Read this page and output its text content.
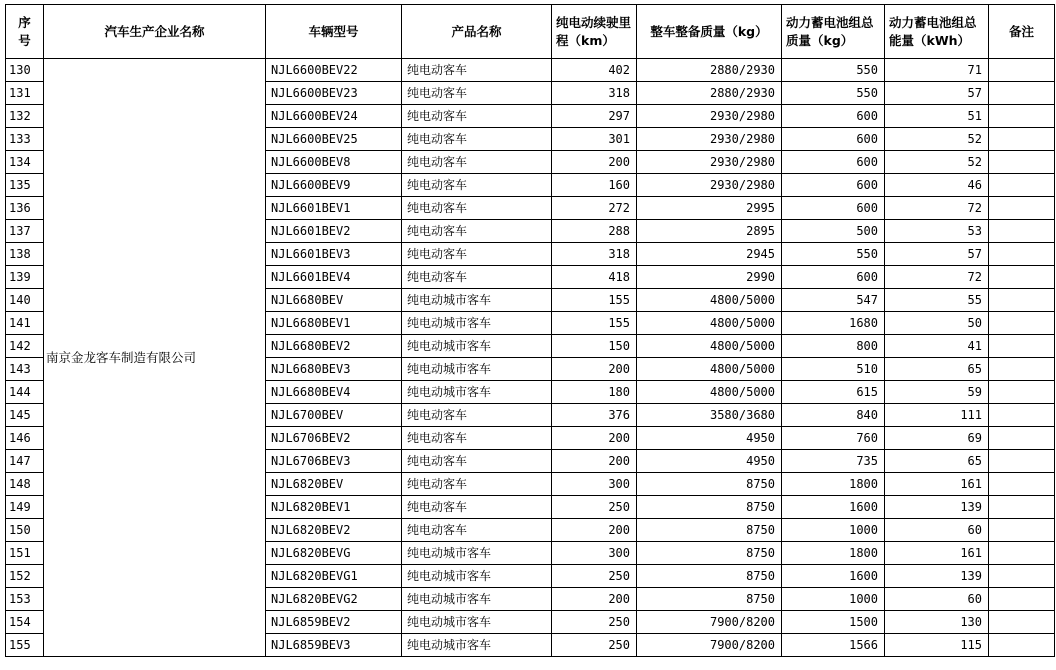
序号	汽车生产企业名称	车辆型号	产品名称	纯电动续驶里程（km）	整车整备质量（kg）	动力蓄电池组总质量（kg）	动力蓄电池组总能量（kWh）	备注
130	南京金龙客车制造有限公司	NJL6600BEV22	纯电动客车	402	2880/2930	550	71	
131		NJL6600BEV23	纯电动客车	318	2880/2930	550	57	
132		NJL6600BEV24	纯电动客车	297	2930/2980	600	51	
133		NJL6600BEV25	纯电动客车	301	2930/2980	600	52	
134		NJL6600BEV8	纯电动客车	200	2930/2980	600	52	
135		NJL6600BEV9	纯电动客车	160	2930/2980	600	46	
136		NJL6601BEV1	纯电动客车	272	2995	600	72	
137		NJL6601BEV2	纯电动客车	288	2895	500	53	
138		NJL6601BEV3	纯电动客车	318	2945	550	57	
139		NJL6601BEV4	纯电动客车	418	2990	600	72	
140		NJL6680BEV	纯电动城市客车	155	4800/5000	547	55	
141		NJL6680BEV1	纯电动城市客车	155	4800/5000	1680	50	
142		NJL6680BEV2	纯电动城市客车	150	4800/5000	800	41	
143		NJL6680BEV3	纯电动城市客车	200	4800/5000	510	65	
144		NJL6680BEV4	纯电动城市客车	180	4800/5000	615	59	
145		NJL6700BEV	纯电动客车	376	3580/3680	840	111	
146		NJL6706BEV2	纯电动客车	200	4950	760	69	
147		NJL6706BEV3	纯电动客车	200	4950	735	65	
148		NJL6820BEV	纯电动客车	300	8750	1800	161	
149		NJL6820BEV1	纯电动客车	250	8750	1600	139	
150		NJL6820BEV2	纯电动客车	200	8750	1000	60	
151		NJL6820BEVG	纯电动城市客车	300	8750	1800	161	
152		NJL6820BEVG1	纯电动城市客车	250	8750	1600	139	
153		NJL6820BEVG2	纯电动城市客车	200	8750	1000	60	
154		NJL6859BEV2	纯电动城市客车	250	7900/8200	1500	130	
155		NJL6859BEV3	纯电动城市客车	250	7900/8200	1566	115	
